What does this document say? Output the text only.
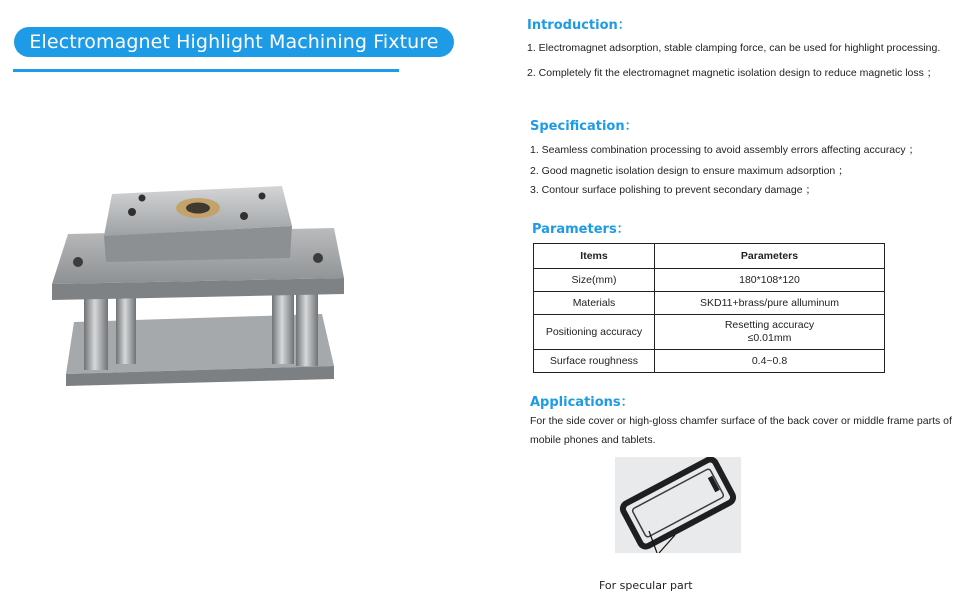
Electromagnet Highlight Machining Fixture
Introduction：

1. Electromagnet adsorption, stable clamping force, can be used for highlight processing.

2. Completely fit the electromagnet magnetic isolation design to reduce magnetic loss ；

Specification：

1. Seamless combination processing to avoid assembly errors affecting accuracy ；

2. Good magnetic isolation design to ensure maximum adsorption ；

3. Contour surface polishing to prevent secondary damage ；

Parameters：
Items	Parameters
Size(mm)	180*108*120
Materials	SKD11+brass/pure alluminum
Positioning accuracy	Resetting accuracy
≤0.01mm

Surface roughness	0.4~0.8
Applications：

For the side cover or high-gloss chamfer surface of the back cover or middle frame parts of mobile phones and tablets.

For specular part
